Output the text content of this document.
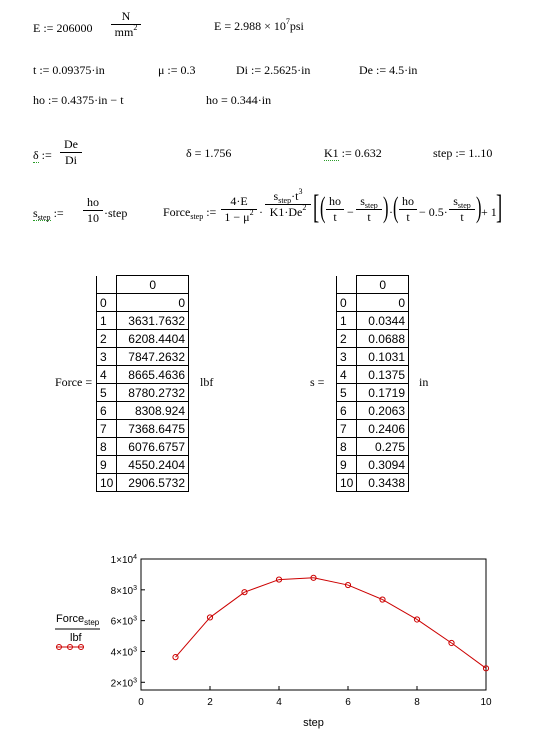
E := $206000 \frac{N}{mm^2}$	$E = 2.988 \times 10^7psi$
t := 0.09375·in	μ := 0.3	Di := 2.5625·in	De := 4.5·in
ho := 0.4375·in − t	ho = 0.344·in
δ := $\frac{De}{Di}$	δ = 1.756	K1 := 0.632	step := 1..10
$s_{step}$ := $\frac{ho}{10}$ ·step	Force$_{step}$ := $\frac{4\cdot E}{1 - \mu^2}$ ·
$s_{step}\cdot t^3$
$K1\cdot De^2$ [ ( $\frac{ho}{t}$ −
$s_{step}$
t ) · ( $\frac{ho}{t} - 0.5\cdot$
$s_{step}$
t ) + 1 ]
Force =	lbf
	0
0	0
1	3631.7632
2	6208.4404
3	7847.2632
4	8665.4636
5	8780.2732
6	8308.924
7	7368.6475
8	6076.6757
9	4550.2404
10	2906.5732
s =	in
	0
0	0
1	0.0344
2	0.0688
3	0.1031
4	0.1375
5	0.1719
6	0.2063
7	0.2406
8	0.275
9	0.3094
10	0.3438
$2\times 10^3$
$4\times 10^3$
$6\times 10^3$
$8\times 10^3$
$1\times 10^4$
0	2	4	6	8	10
Force$_{step}$
lbf
step
